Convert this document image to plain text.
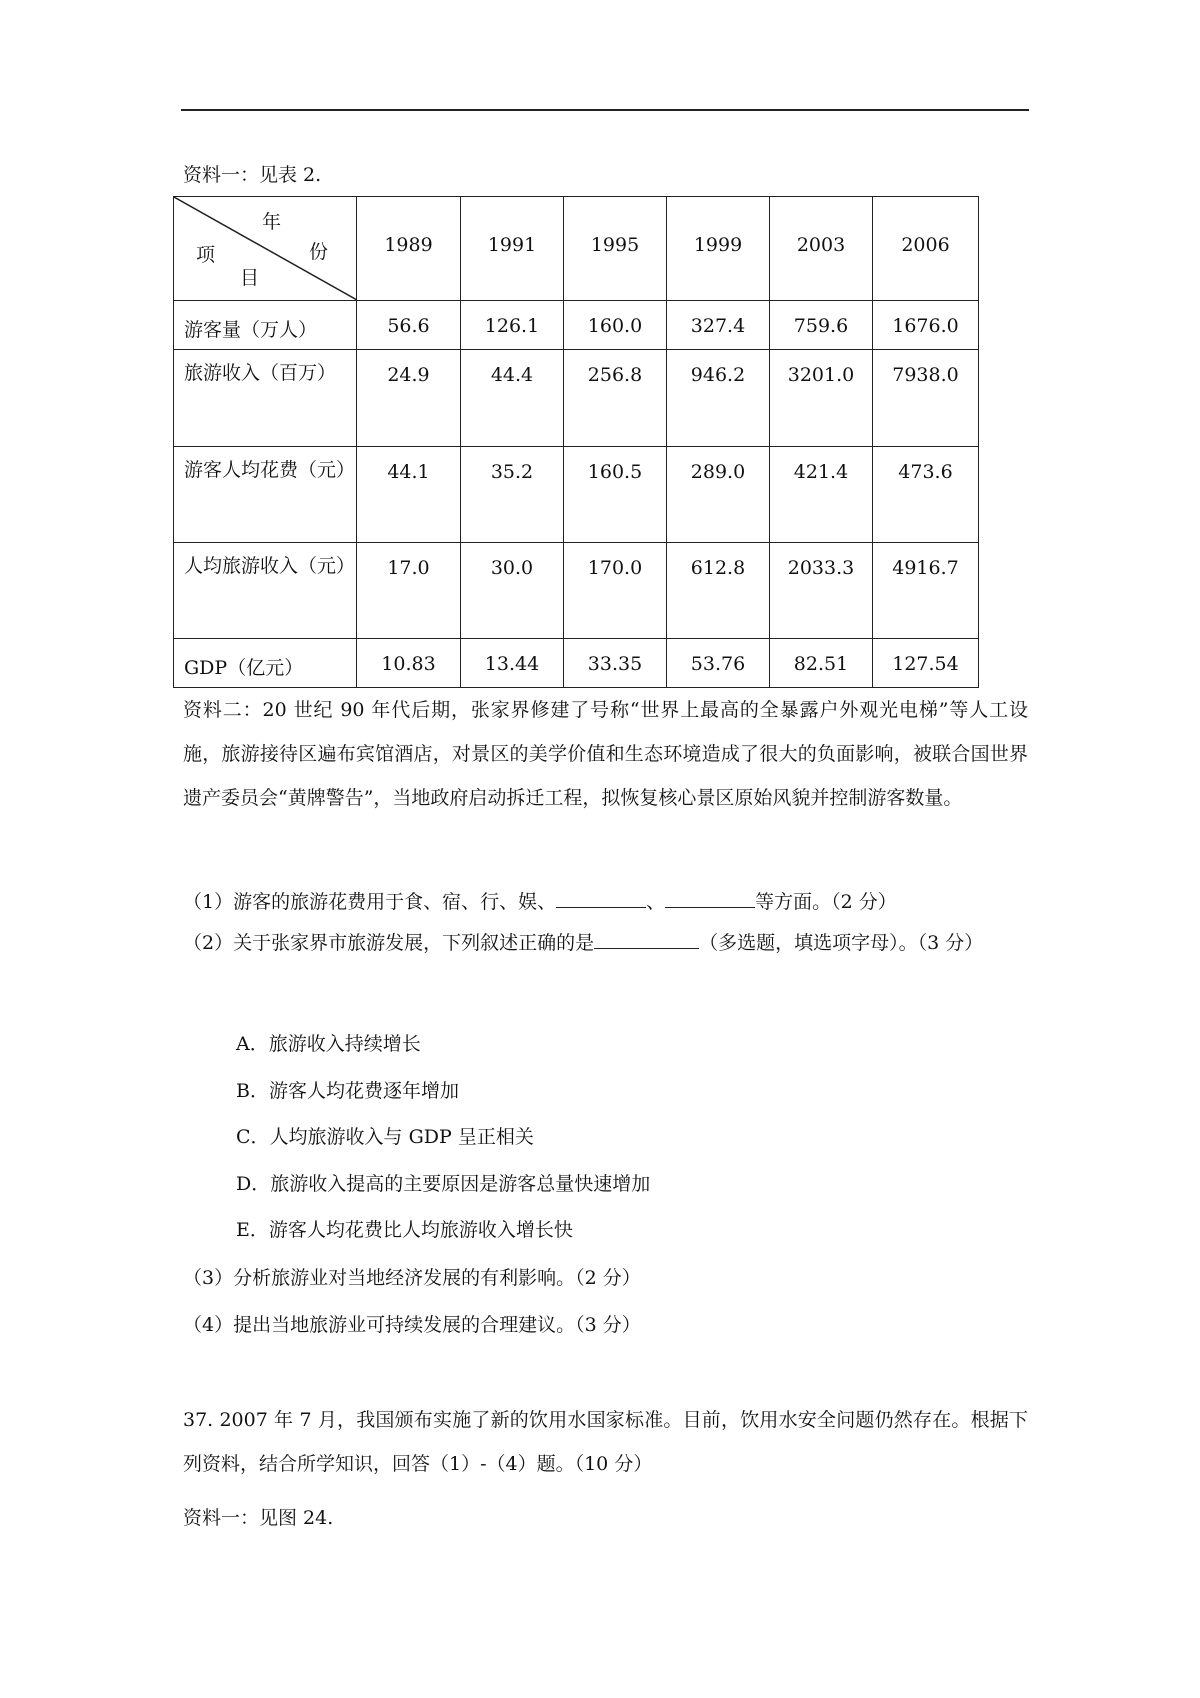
资料一：见表 2.
年
份
项
目	1989	1991	1995	1999	2003	2006

游客量（万人）	56.6	126.1	160.0	327.4	759.6	1676.0

旅游收入（百万）	24.9	44.4	256.8	946.2	3201.0	7938.0

游客人均花费（元）	44.1	35.2	160.5	289.0	421.4	473.6

人均旅游收入（元）	17.0	30.0	170.0	612.8	2033.3	4916.7

GDP（亿元）	10.83	13.44	33.35	53.76	82.51	127.54
资料二：20 世纪 90 年代后期，张家界修建了号称“世界上最高的全暴露户外观光电梯”等人工设施，旅游接待区遍布宾馆酒店，对景区的美学价值和生态环境造成了很大的负面影响，被联合国世界遗产委员会“黄牌警告”，当地政府启动拆迁工程，拟恢复核心景区原始风貌并控制游客数量。
（1）游客的旅游花费用于食、宿、行、娱、	、	等方面。（2 分）
（2）关于张家界市旅游发展，下列叙述正确的是	（多选题，填选项字母）。（3 分）
A．旅游收入持续增长
B．游客人均花费逐年增加
C．人均旅游收入与 GDP 呈正相关
D．旅游收入提高的主要原因是游客总量快速增加
E．游客人均花费比人均旅游收入增长快
（3）分析旅游业对当地经济发展的有利影响。（2 分）
（4）提出当地旅游业可持续发展的合理建议。（3 分）
37. 2007 年 7 月，我国颁布实施了新的饮用水国家标准。目前，饮用水安全问题仍然存在。根据下列资料，结合所学知识，回答（1）-（4）题。（10 分）
资料一：见图 24.
